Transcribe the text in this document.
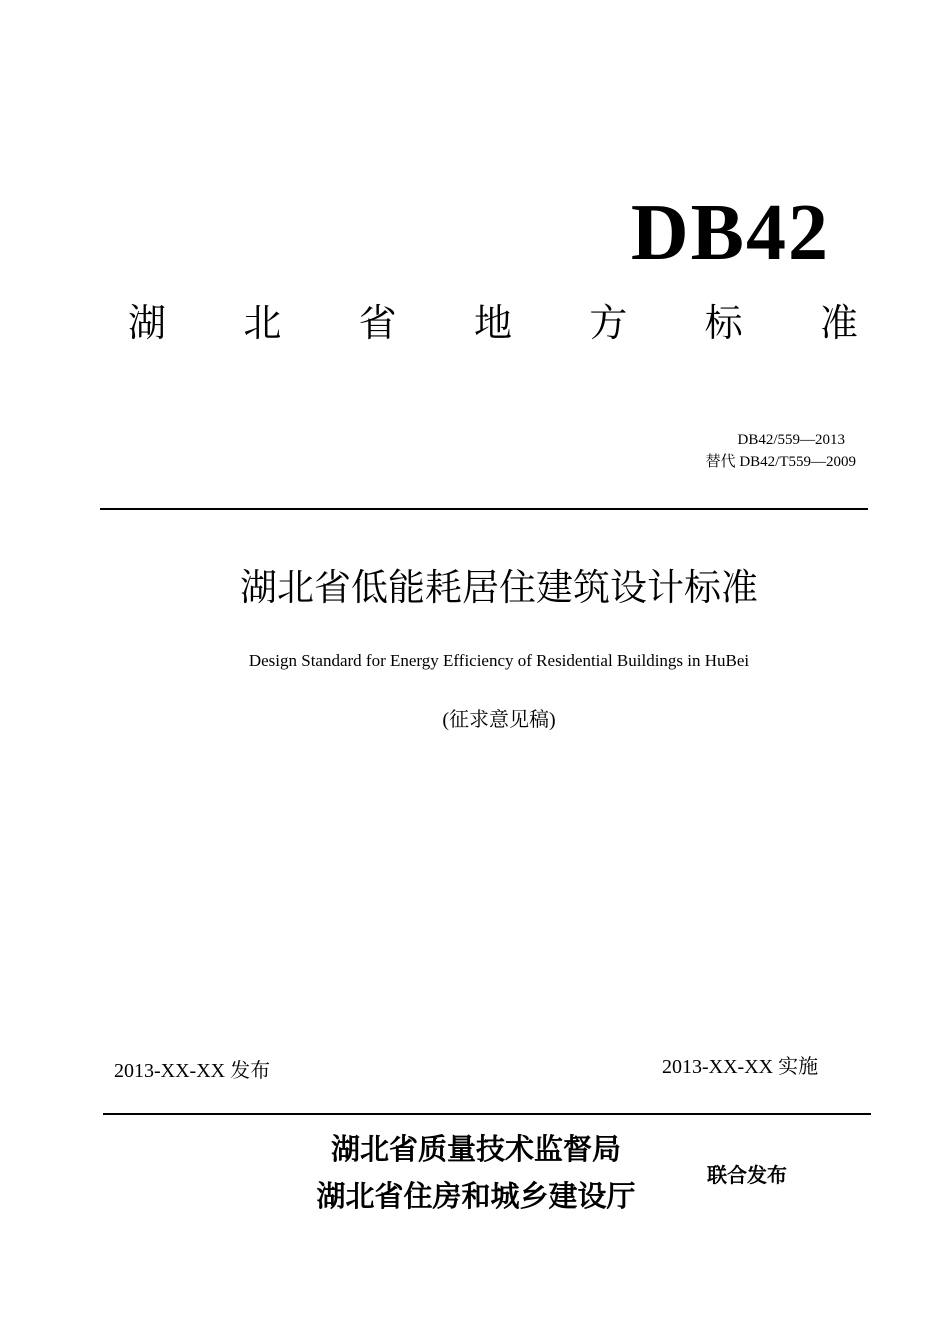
DB42
湖 北 省 地 方 标 准
DB42/559—2013
替代 DB42/T559—2009
湖北省低能耗居住建筑设计标准
Design Standard for Energy Efficiency of Residential Buildings in HuBei
(征求意见稿)
2013-XX-XX 发布	2013-XX-XX 实施
湖北省质量技术监督局
湖北省住房和城乡建设厅
联合发布
